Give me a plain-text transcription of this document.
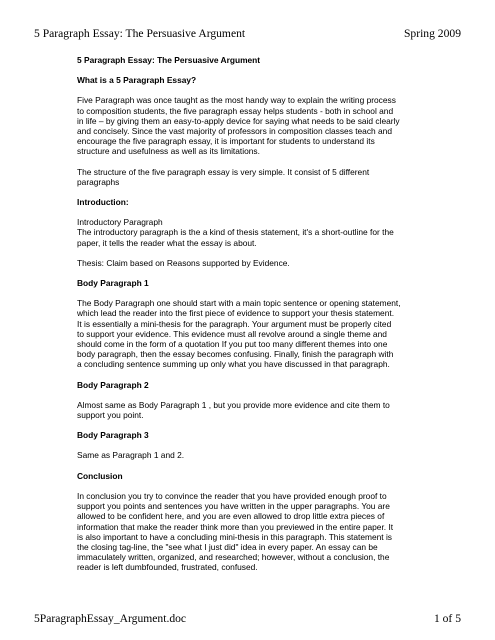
5 Paragraph Essay: The Persuasive Argument	Spring 2009

5 Paragraph Essay: The Persuasive Argument

What is a 5 Paragraph Essay?

Five Paragraph was once taught as the most handy way to explain the writing process
to composition students, the five paragraph essay helps students - both in school and
in life – by giving them an easy-to-apply device for saying what needs to be said clearly
and concisely. Since the vast majority of professors in composition classes teach and
encourage the five paragraph essay, it is important for students to understand its
structure and usefulness as well as its limitations.

The structure of the five paragraph essay is very simple. It consist of 5 different
paragraphs

Introduction:

Introductory Paragraph
The introductory paragraph is the a kind of thesis statement, it's a short-outline for the
paper, it tells the reader what the essay is about.

Thesis: Claim based on Reasons supported by Evidence.

Body Paragraph 1

The Body Paragraph one should start with a main topic sentence or opening statement,
which lead the reader into the first piece of evidence to support your thesis statement.
It is essentially a mini-thesis for the paragraph. Your argument must be properly cited
to support your evidence. This evidence must all revolve around a single theme and
should come in the form of a quotation If you put too many different themes into one
body paragraph, then the essay becomes confusing. Finally, finish the paragraph with
a concluding sentence summing up only what you have discussed in that paragraph.

Body Paragraph 2

Almost same as Body Paragraph 1 , but you provide more evidence and cite them to
support you point.

Body Paragraph 3

Same as Paragraph 1 and 2.

Conclusion

In conclusion you try to convince the reader that you have provided enough proof to
support you points and sentences you have written in the upper paragraphs. You are
allowed to be confident here, and you are even allowed to drop little extra pieces of
information that make the reader think more than you previewed in the entire paper. It
is also important to have a concluding mini-thesis in this paragraph. This statement is
the closing tag-line, the "see what I just did" idea in every paper. An essay can be
immaculately written, organized, and researched; however, without a conclusion, the
reader is left dumbfounded, frustrated, confused.

5ParagraphEssay_Argument.doc	1 of 5
